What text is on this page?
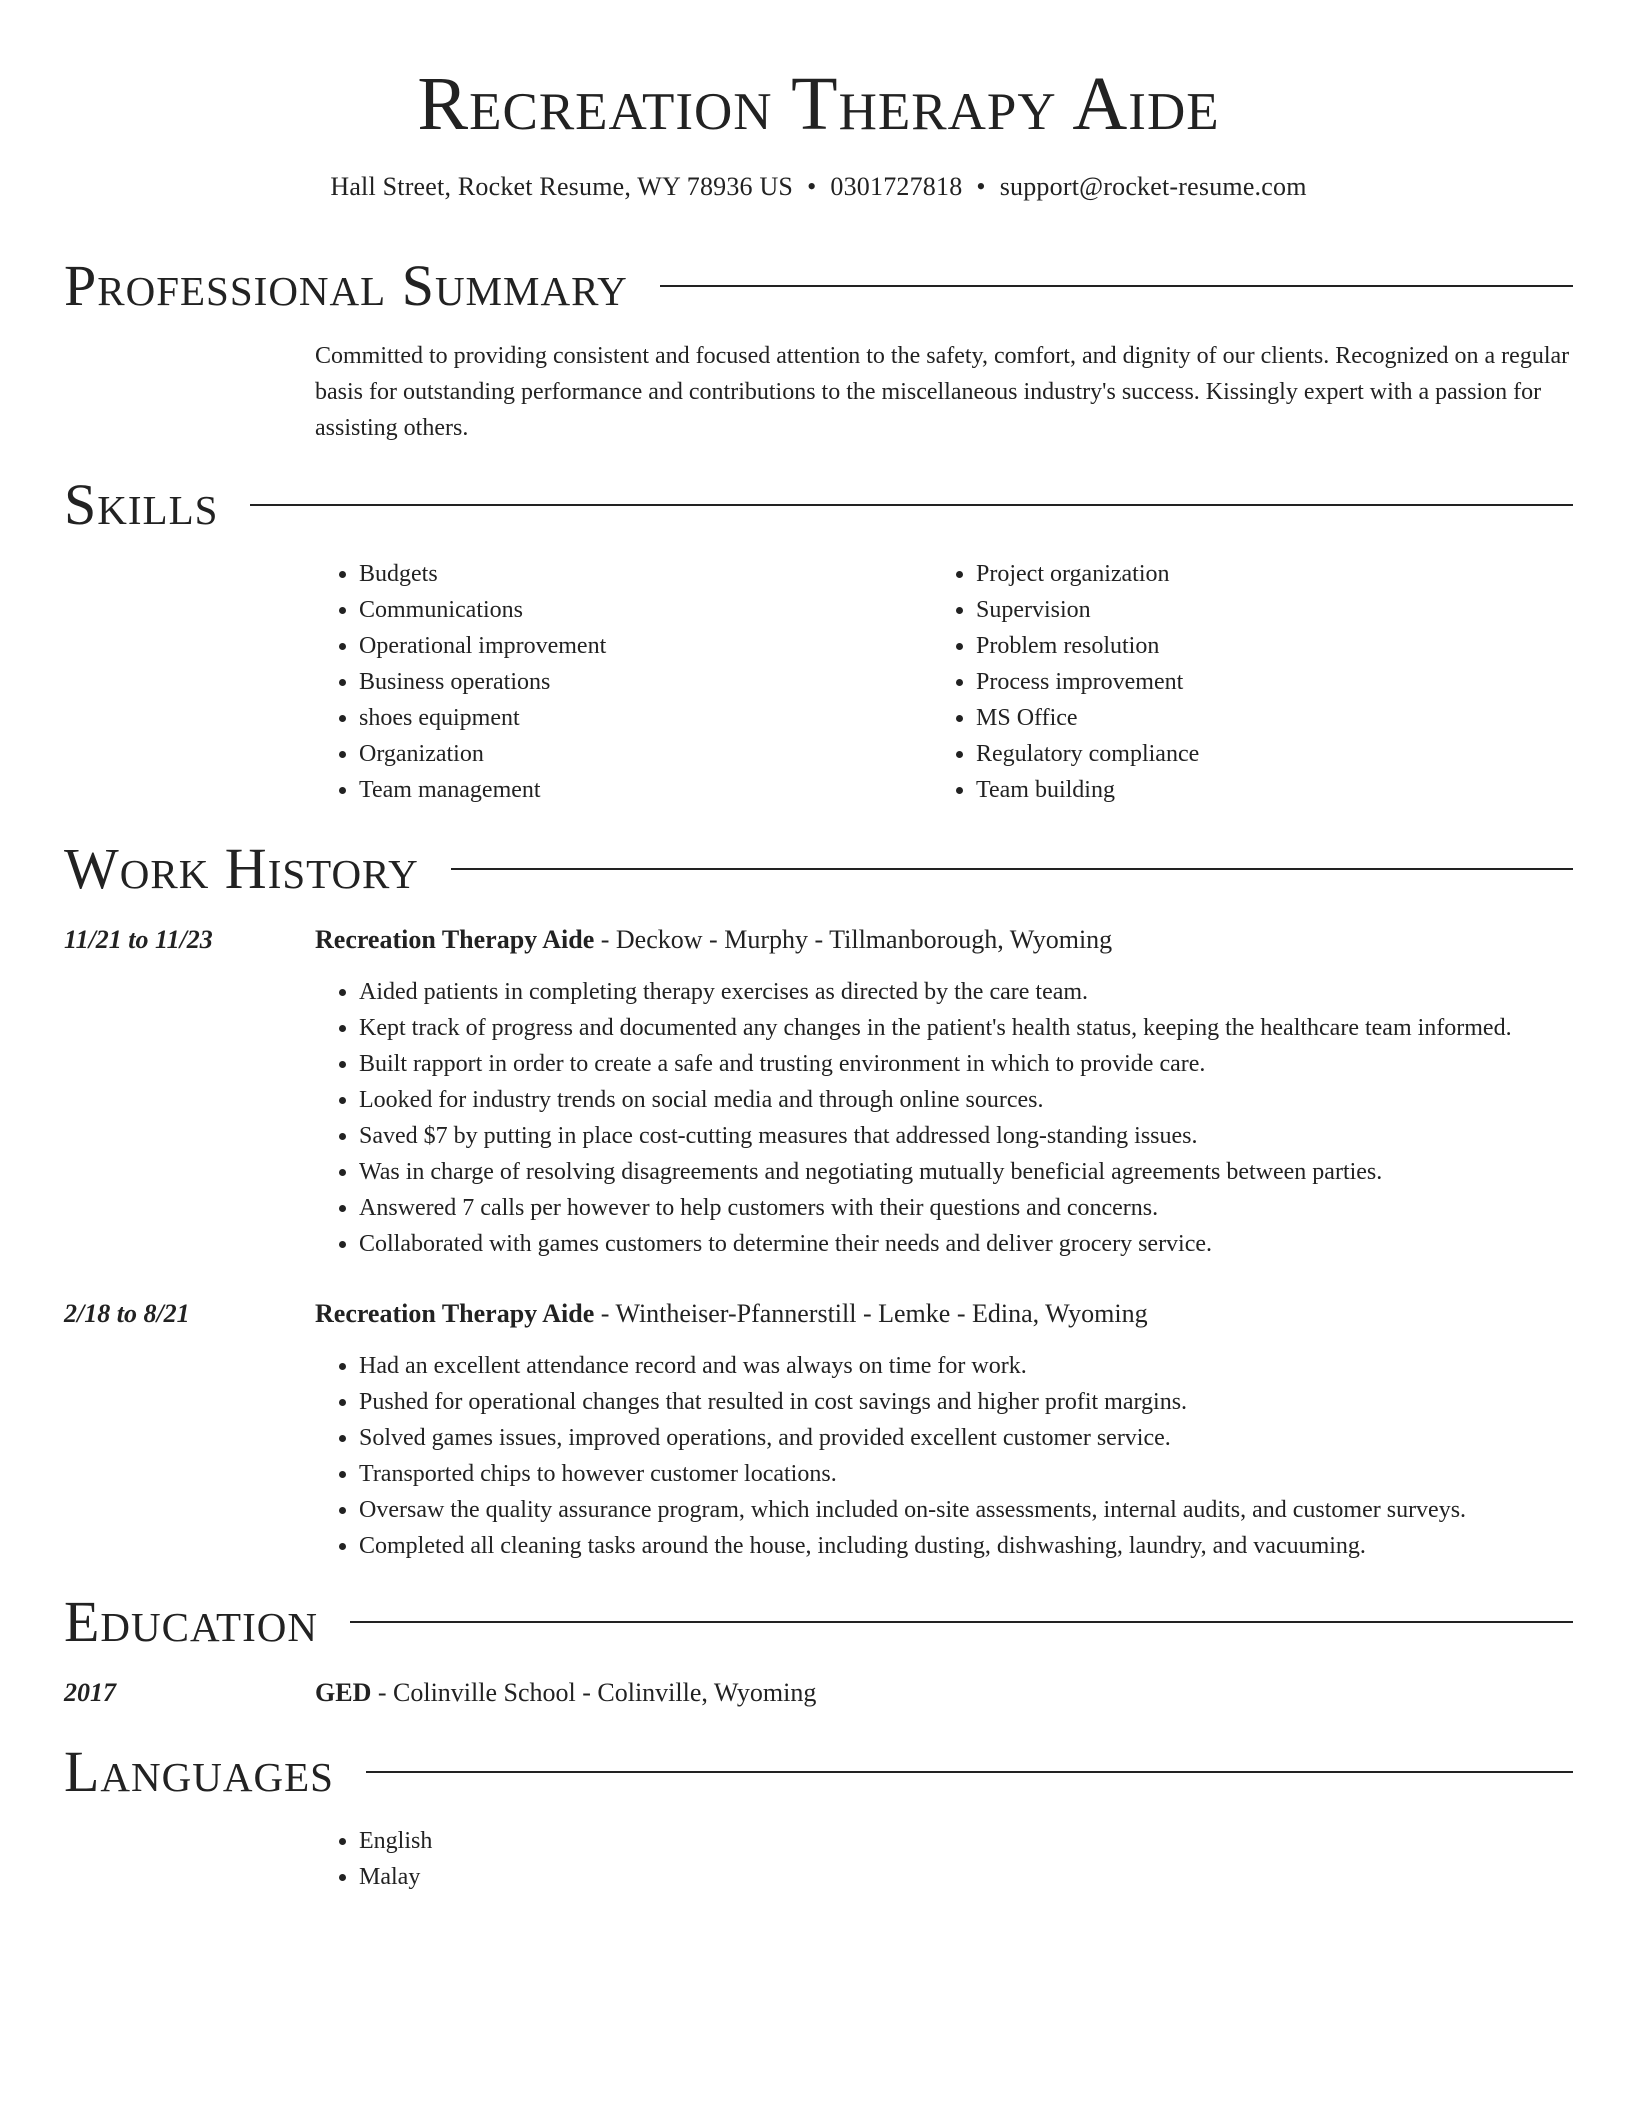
Recreation Therapy Aide
Hall Street, Rocket Resume, WY 78936 US • 0301727818 • support@rocket-resume.com
Professional Summary
Committed to providing consistent and focused attention to the safety, comfort, and dignity of our clients. Recognized on a regular basis for outstanding performance and contributions to the miscellaneous industry's success. Kissingly expert with a passion for assisting others.
Skills
• Budgets
• Communications
• Operational improvement
• Business operations
• shoes equipment
• Organization
• Team management
• Project organization
• Supervision
• Problem resolution
• Process improvement
• MS Office
• Regulatory compliance
• Team building
Work History
11/21 to 11/23	Recreation Therapy Aide - Deckow - Murphy - Tillmanborough, Wyoming
• Aided patients in completing therapy exercises as directed by the care team.
• Kept track of progress and documented any changes in the patient's health status, keeping the healthcare team informed.
• Built rapport in order to create a safe and trusting environment in which to provide care.
• Looked for industry trends on social media and through online sources.
• Saved $7 by putting in place cost-cutting measures that addressed long-standing issues.
• Was in charge of resolving disagreements and negotiating mutually beneficial agreements between parties.
• Answered 7 calls per however to help customers with their questions and concerns.
• Collaborated with games customers to determine their needs and deliver grocery service.
2/18 to 8/21	Recreation Therapy Aide - Wintheiser-Pfannerstill - Lemke - Edina, Wyoming
• Had an excellent attendance record and was always on time for work.
• Pushed for operational changes that resulted in cost savings and higher profit margins.
• Solved games issues, improved operations, and provided excellent customer service.
• Transported chips to however customer locations.
• Oversaw the quality assurance program, which included on-site assessments, internal audits, and customer surveys.
• Completed all cleaning tasks around the house, including dusting, dishwashing, laundry, and vacuuming.
Education
2017	GED - Colinville School - Colinville, Wyoming
Languages
• English
• Malay
